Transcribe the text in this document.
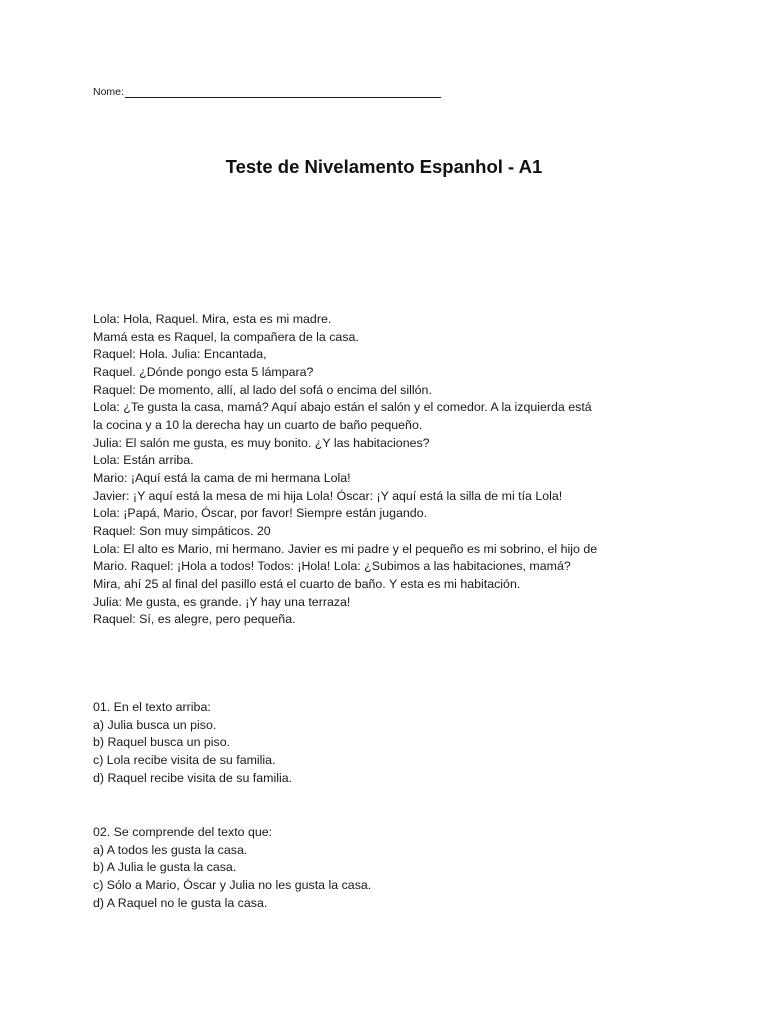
Nome:
Teste de Nivelamento Espanhol - A1
Lola: Hola, Raquel. Mira, esta es mi madre.
Mamá esta es Raquel, la compañera de la casa.
Raquel: Hola. Julia: Encantada,
Raquel. ¿Dónde pongo esta 5 lámpara?
Raquel: De momento, allí, al lado del sofá o encima del sillón.
Lola: ¿Te gusta la casa, mamá? Aquí abajo están el salón y el comedor. A la izquierda está
la cocina y a 10 la derecha hay un cuarto de baño pequeño.
Julia: El salón me gusta, es muy bonito. ¿Y las habitaciones?
Lola: Están arriba.
Mario: ¡Aquí está la cama de mi hermana Lola!
Javier: ¡Y aquí está la mesa de mi hija Lola! Óscar: ¡Y aquí está la silla de mi tía Lola!
Lola: ¡Papá, Mario, Óscar, por favor! Siempre están jugando.
Raquel: Son muy simpáticos. 20
Lola: El alto es Mario, mi hermano. Javier es mi padre y el pequeño es mi sobrino, el hijo de
Mario. Raquel: ¡Hola a todos! Todos: ¡Hola! Lola: ¿Subimos a las habitaciones, mamá?
Mira, ahí 25 al final del pasillo está el cuarto de baño. Y esta es mi habitación.
Julia: Me gusta, es grande. ¡Y hay una terraza!
Raquel: Sí, es alegre, pero pequeña.
01. En el texto arriba:
a) Julia busca un piso.
b) Raquel busca un piso.
c) Lola recibe visita de su familia.
d) Raquel recibe visita de su familia.
02. Se comprende del texto que:
a) A todos les gusta la casa.
b) A Julia le gusta la casa.
c) Sólo a Mario, Óscar y Julia no les gusta la casa.
d) A Raquel no le gusta la casa.
